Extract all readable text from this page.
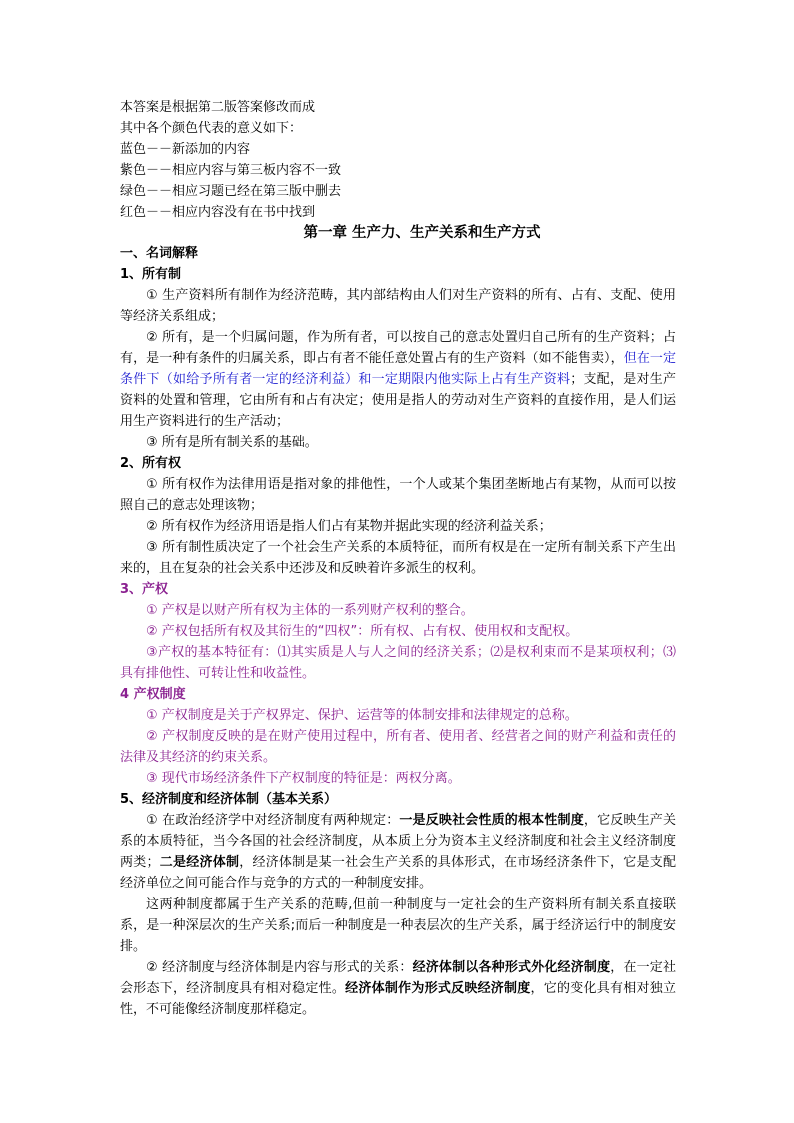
本答案是根据第二版答案修改而成
其中各个颜色代表的意义如下：
蓝色－－新添加的内容
紫色－－相应内容与第三板内容不一致
绿色－－相应习题已经在第三版中删去
红色－－相应内容没有在书中找到
第一章 生产力、生产关系和生产方式
一、名词解释
1、所有制
① 生产资料所有制作为经济范畴，其内部结构由人们对生产资料的所有、占有、支配、使用等经济关系组成；
② 所有，是一个归属问题，作为所有者，可以按自己的意志处置归自己所有的生产资料；占有，是一种有条件的归属关系，即占有者不能任意处置占有的生产资料（如不能售卖），但在一定条件下（如给予所有者一定的经济利益）和一定期限内他实际上占有生产资料；支配，是对生产资料的处置和管理，它由所有和占有决定；使用是指人的劳动对生产资料的直接作用，是人们运用生产资料进行的生产活动；
③ 所有是所有制关系的基础。
2、所有权
① 所有权作为法律用语是指对象的排他性，一个人或某个集团垄断地占有某物，从而可以按照自己的意志处理该物；
② 所有权作为经济用语是指人们占有某物并据此实现的经济利益关系；
③ 所有制性质决定了一个社会生产关系的本质特征，而所有权是在一定所有制关系下产生出来的，且在复杂的社会关系中还涉及和反映着许多派生的权利。
3、产权
① 产权是以财产所有权为主体的一系列财产权利的整合。
② 产权包括所有权及其衍生的“四权”：所有权、占有权、使用权和支配权。
③产权的基本特征有：⑴其实质是人与人之间的经济关系；⑵是权利束而不是某项权利；⑶ 具有排他性、可转让性和收益性。
4 产权制度
① 产权制度是关于产权界定、保护、运营等的体制安排和法律规定的总称。
② 产权制度反映的是在财产使用过程中，所有者、使用者、经营者之间的财产利益和责任的法律及其经济的约束关系。
③ 现代市场经济条件下产权制度的特征是：两权分离。
5、经济制度和经济体制（基本关系）
① 在政治经济学中对经济制度有两种规定：一是反映社会性质的根本性制度，它反映生产关系的本质特征，当今各国的社会经济制度，从本质上分为资本主义经济制度和社会主义经济制度两类；二是经济体制，经济体制是某一社会生产关系的具体形式，在市场经济条件下，它是支配经济单位之间可能合作与竞争的方式的一种制度安排。
这两种制度都属于生产关系的范畴,但前一种制度与一定社会的生产资料所有制关系直接联系，是一种深层次的生产关系;而后一种制度是一种表层次的生产关系，属于经济运行中的制度安排。
② 经济制度与经济体制是内容与形式的关系：经济体制以各种形式外化经济制度，在一定社会形态下，经济制度具有相对稳定性。经济体制作为形式反映经济制度，它的变化具有相对独立性，不可能像经济制度那样稳定。
